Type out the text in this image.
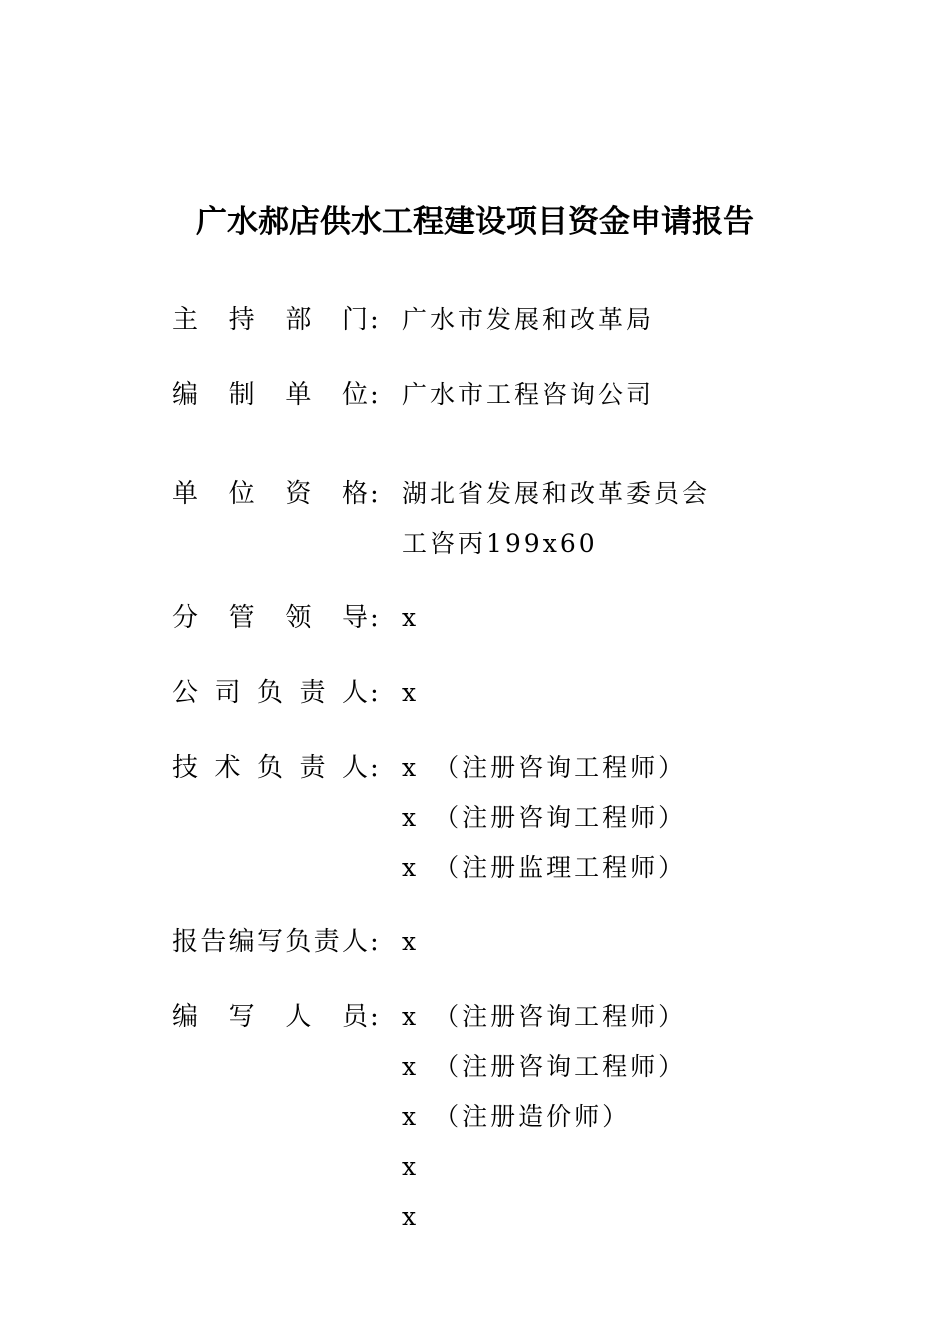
广水郝店供水工程建设项目资金申请报告
主 持 部 门 : 广水市发展和改革局
编 制 单 位 : 广水市工程咨询公司
单 位 资 格 : 湖北省发展和改革委员会
工咨丙199x60
分 管 领 导 : x
公 司 负 责 人 : x
技 术 负 责 人 : x （注册咨询工程师）
x （注册咨询工程师）
x （注册监理工程师）
报 告 编 写 负 责 人 : x
编 写 人 员 : x （注册咨询工程师）
x （注册咨询工程师）
x （注册造价师）
x
x
